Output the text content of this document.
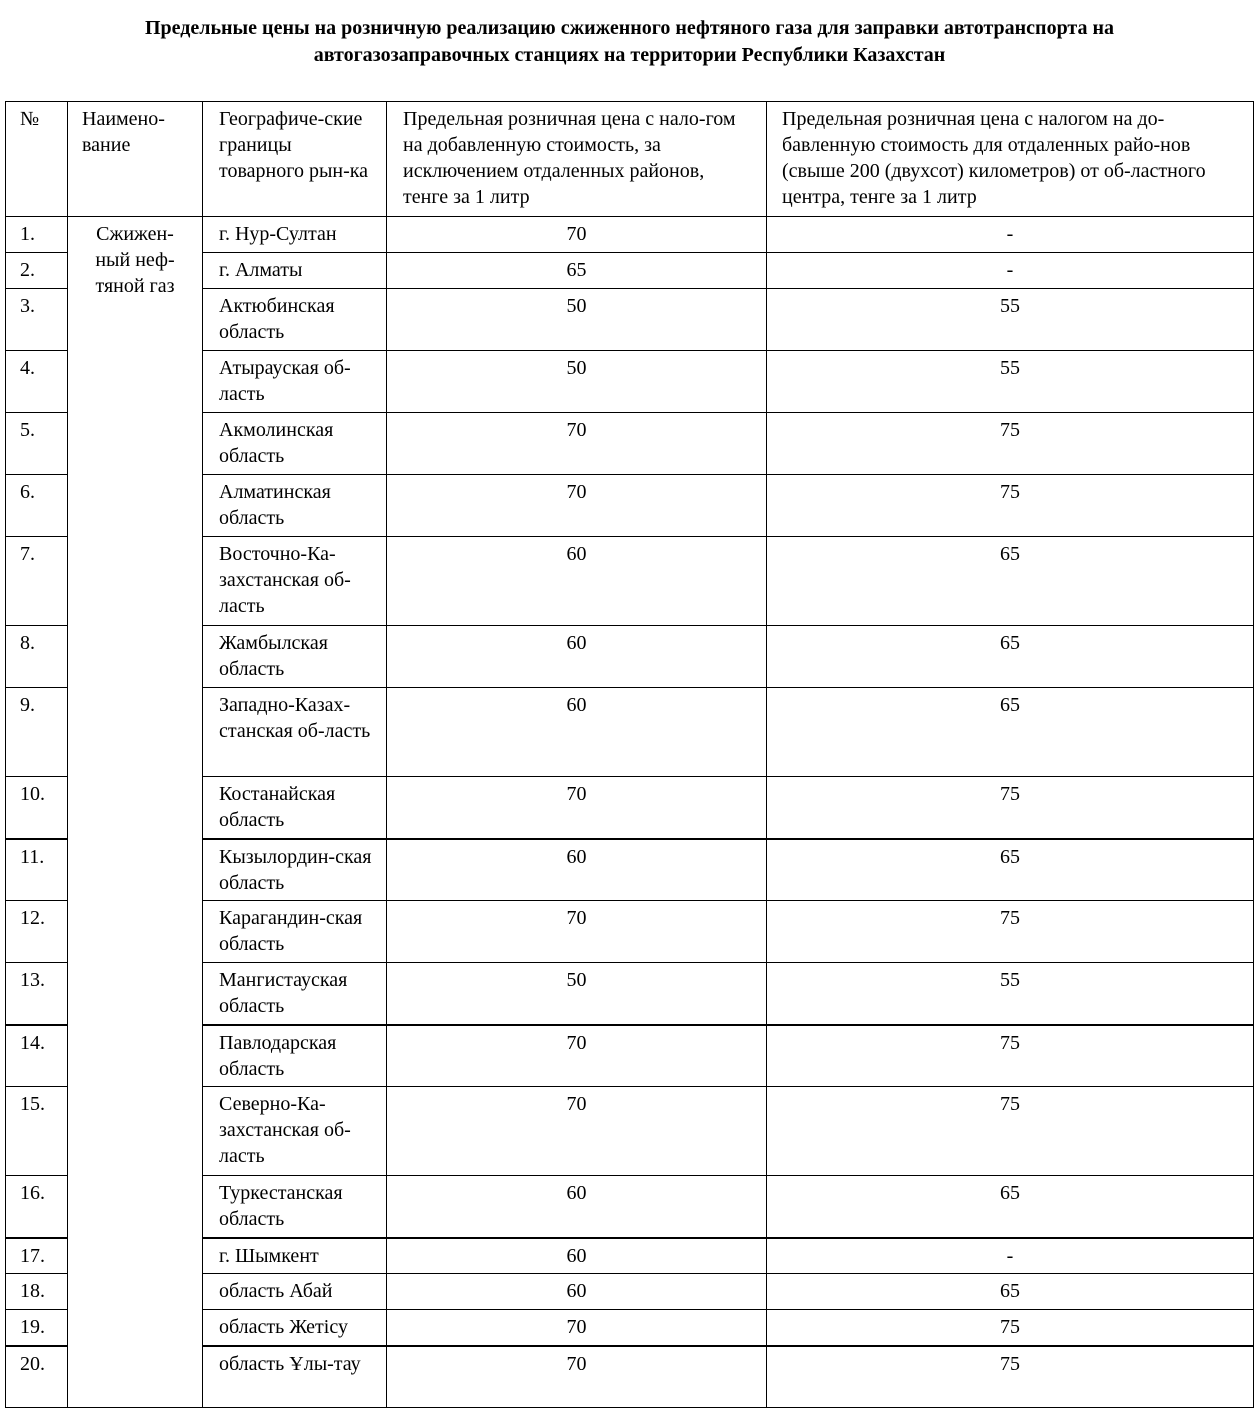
Предельные цены на розничную реализацию сжиженного нефтяного газа для заправки автотранспорта на
автогазозаправочных станциях на территории Республики Казахстан
№	Наимено-вание	Географиче-ские границы товарного рын-ка	Предельная розничная цена с нало-гом на добавленную стоимость, за исключением отдаленных районов, тенге за 1 литр	Предельная розничная цена с налогом на до-бавленную стоимость для отдаленных райо-нов (свыше 200 (двухсот) километров) от об-ластного центра, тенге за 1 литр
1.	Сжижен-ный неф-тяной газ	г. Нур-Султан	70	-
2.		г. Алматы	65	-
3.		Актюбинская область	50	55
4.		Атырауская об-ласть	50	55
5.		Акмолинская область	70	75
6.		Алматинская область	70	75
7.		Восточно-Ка-захстанская об-ласть	60	65
8.		Жамбылская область	60	65
9.		Западно-Казах-станская об-ласть	60	65
10.		Костанайская область	70	75
11.		Кызылордин-ская область	60	65
12.		Карагандин-ская область	70	75
13.		Мангистауская область	50	55
14.		Павлодарская область	70	75
15.		Северно-Ка-захстанская об-ласть	70	75
16.		Туркестанская область	60	65
17.		г. Шымкент	60	-
18.		область Абай	60	65
19.		область Жетісу	70	75
20.		область Ұлы-тау	70	75
